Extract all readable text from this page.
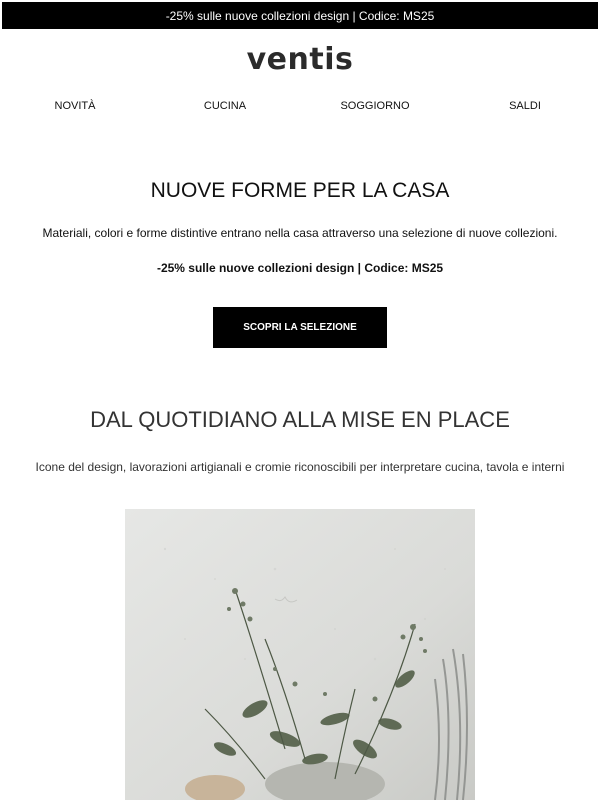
-25% sulle nuove collezioni design | Codice: MS25
ventis
NOVITÀ	CUCINA	SOGGIORNO	SALDI
NUOVE FORME PER LA CASA
Materiali, colori e forme distintive entrano nella casa attraverso una selezione di nuove collezioni.
-25% sulle nuove collezioni design | Codice: MS25
SCOPRI LA SELEZIONE
DAL QUOTIDIANO ALLA MISE EN PLACE
Icone del design, lavorazioni artigianali e cromie riconoscibili per interpretare cucina, tavola e interni
